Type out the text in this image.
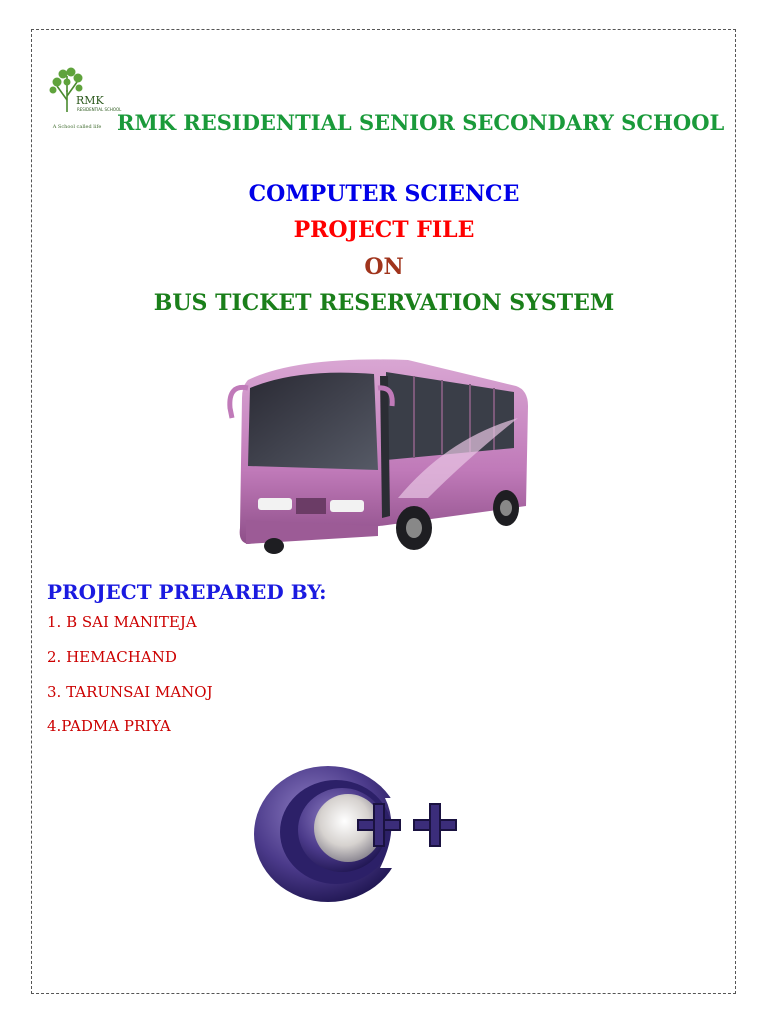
RMK
RESIDENTIAL SCHOOL
A School called life RMK RESIDENTIAL SENIOR SECONDARY SCHOOL
COMPUTER SCIENCE
PROJECT FILE
ON
BUS TICKET RESERVATION SYSTEM
PROJECT PREPARED BY:
1. B SAI MANITEJA
2. HEMACHAND
3. TARUNSAI MANOJ
4.PADMA PRIYA
